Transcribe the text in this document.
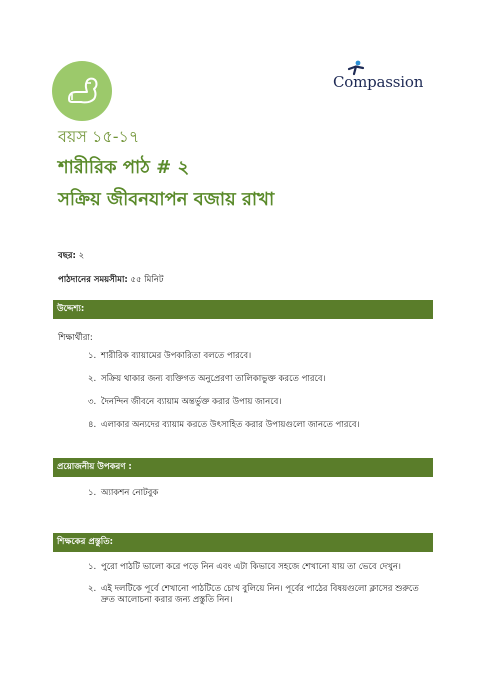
Compassion
বয়স ১৫-১৭
শারীরিক পাঠ # ২
সক্রিয় জীবনযাপন বজায় রাখা
বছর: ২
পাঠদানের সময়সীমা: ৫৫ মিনিট
উদ্দেশ্য:
শিক্ষার্থীরা:
১. শারীরিক ব্যায়ামের উপকারিতা বলতে পারবে।
২. সক্রিয় থাকার জন্য ব্যক্তিগত অনুপ্রেরণা তালিকাভুক্ত করতে পারবে।
৩. দৈনন্দিন জীবনে ব্যায়াম অন্তর্ভুক্ত করার উপায় জানবে।
৪. এলাকার অন্যদের ব্যায়াম করতে উৎসাহিত করার উপায়গুলো জানতে পারবে।
প্রয়োজনীয় উপকরণ :
১. অ্যাকশন নোটবুক
শিক্ষকের প্রস্তুতি:
১. পুরো পাঠটি ভালো করে পড়ে নিন এবং এটা কিভাবে সহজে শেখানো যায় তা ভেবে দেখুন।
২. এই দলটিকে পূর্বে শেখানো পাঠটিতে চোখ বুলিয়ে নিন। পূর্বের পাঠের বিষয়গুলো ক্লাসের শুরুতে দ্রুত আলোচনা করার জন্য প্রস্তুতি নিন।
